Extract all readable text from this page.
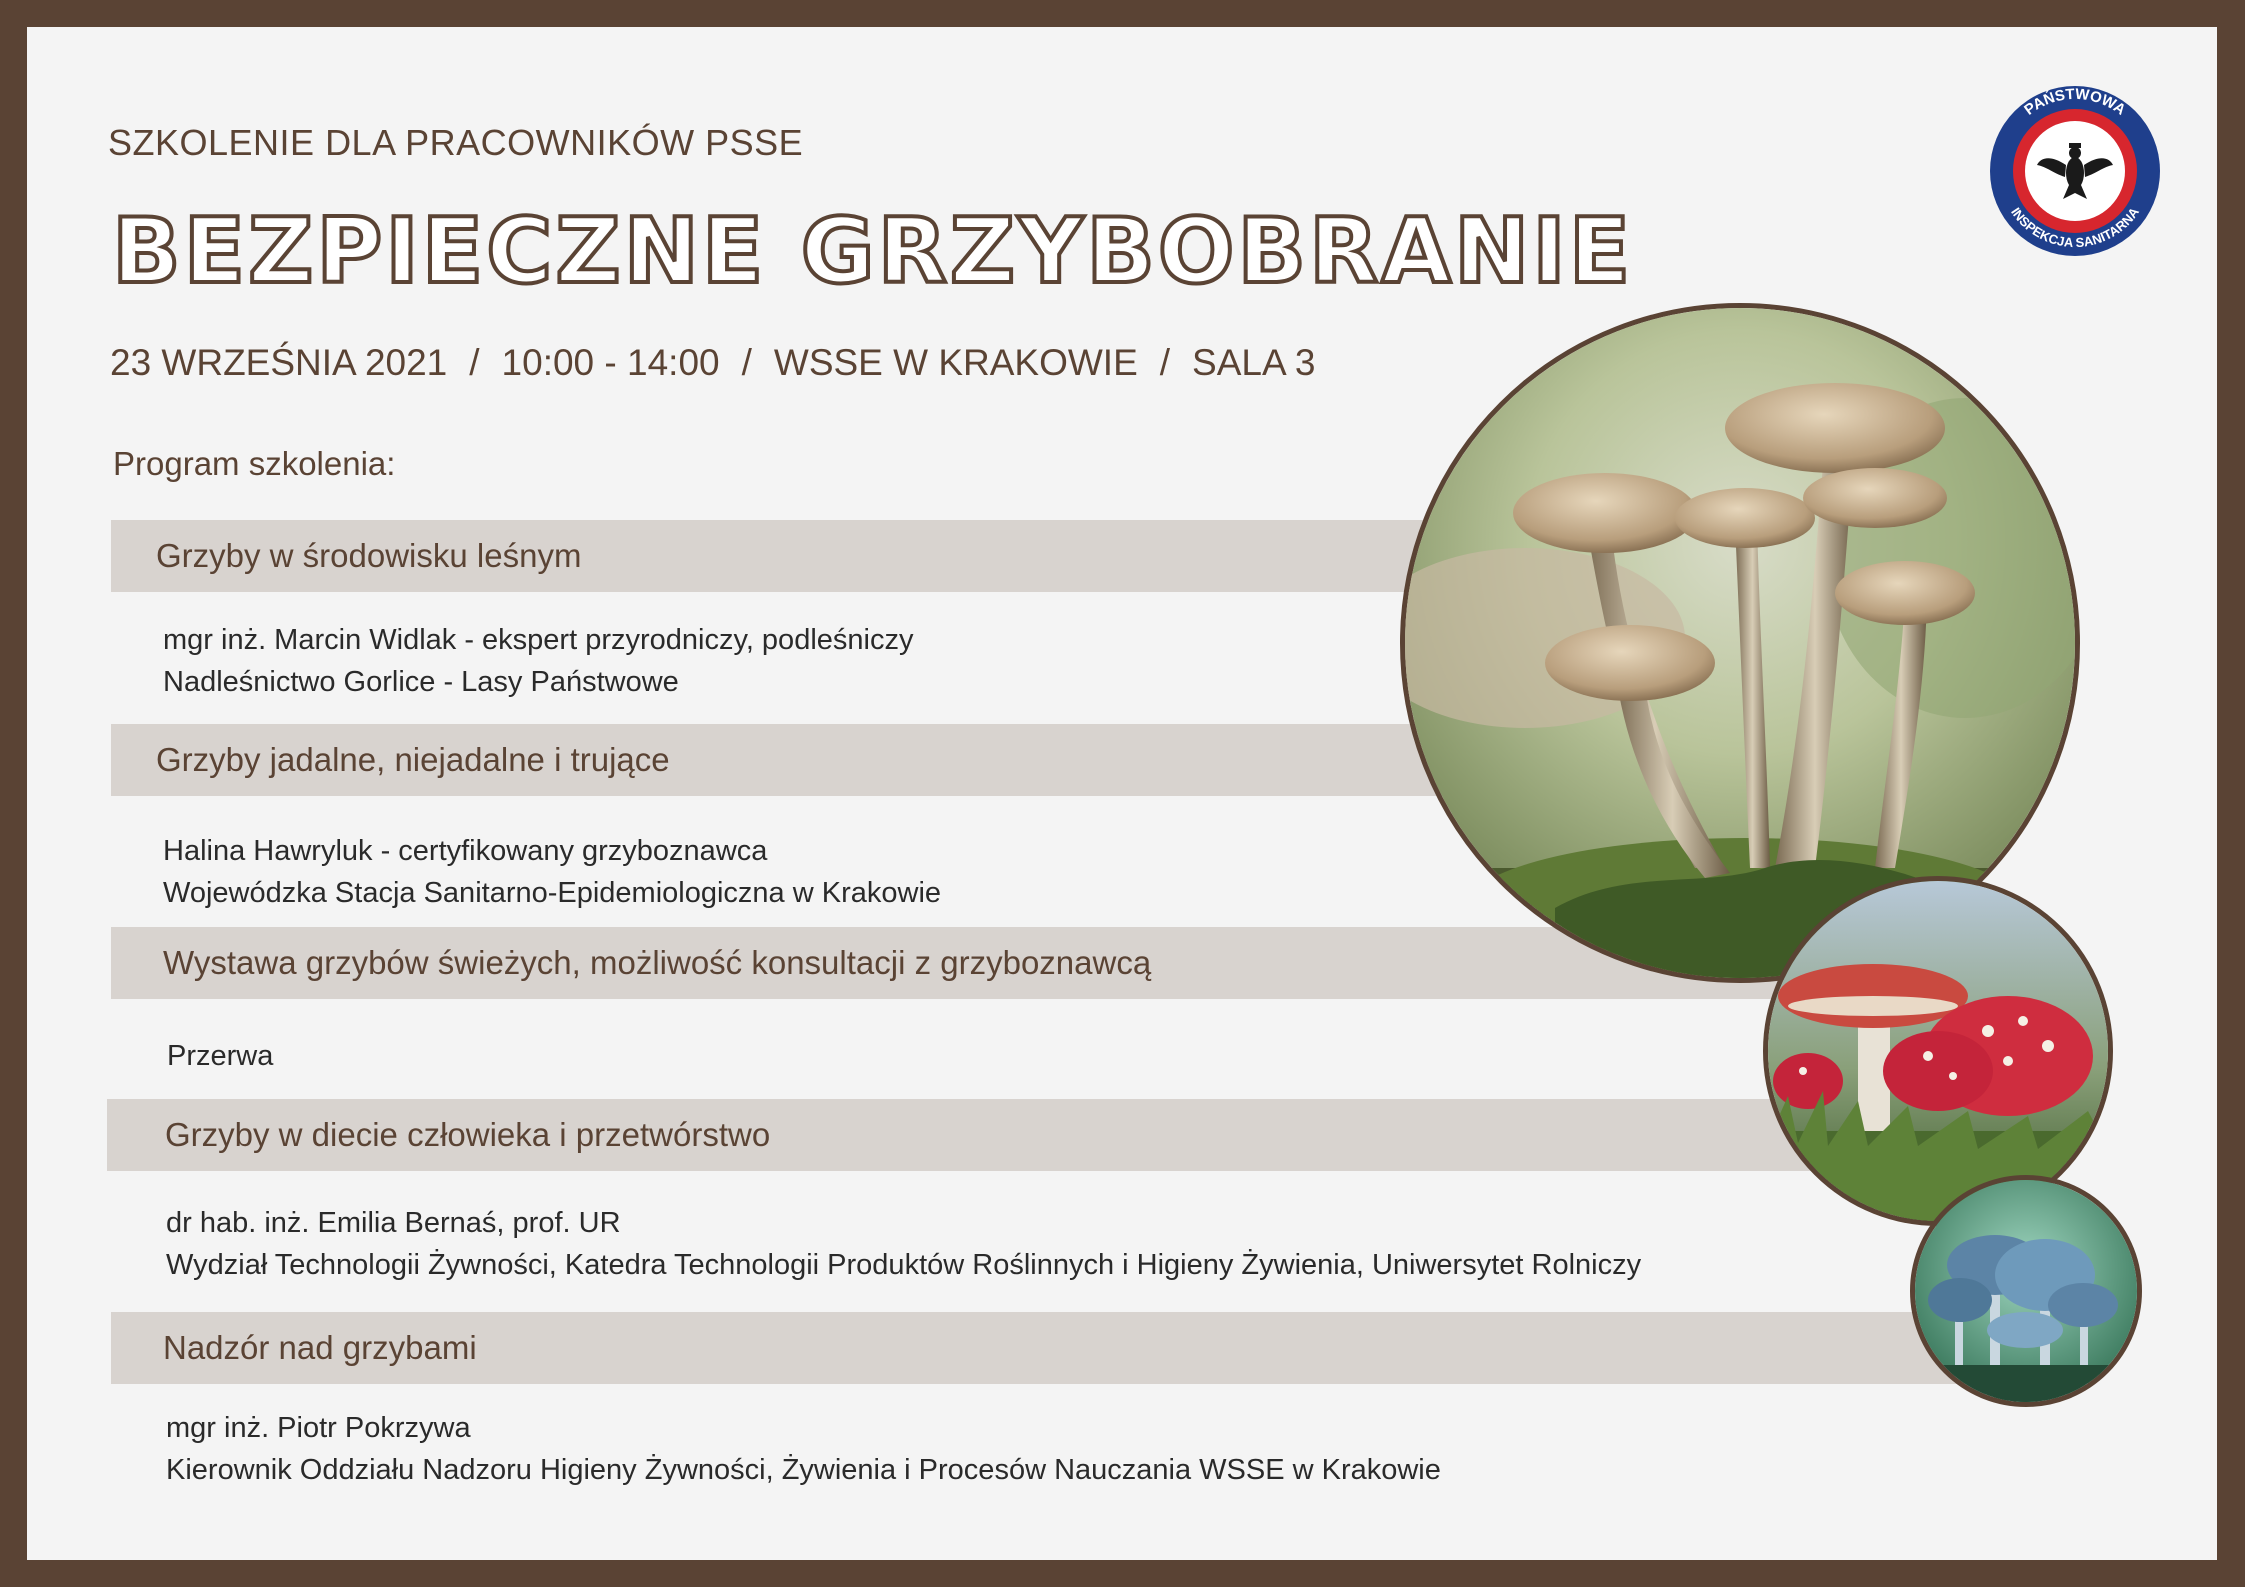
SZKOLENIE DLA PRACOWNIKÓW PSSE
BEZPIECZNE GRZYBOBRANIE
23 WRZEŚNIA 2021 / 10:00 - 14:00 / WSSE W KRAKOWIE / SALA 3
Program szkolenia:
Grzyby w środowisku leśnym
mgr inż. Marcin Widlak - ekspert przyrodniczy, podleśniczy
Nadleśnictwo Gorlice - Lasy Państwowe
Grzyby jadalne, niejadalne i trujące
Halina Hawryluk - certyfikowany grzyboznawca
Wojewódzka Stacja Sanitarno-Epidemiologiczna w Krakowie
Wystawa grzybów świeżych, możliwość konsultacji z grzyboznawcą
Przerwa
Grzyby w diecie człowieka i przetwórstwo
dr hab. inż. Emilia Bernaś, prof. UR
Wydział Technologii Żywności, Katedra Technologii Produktów Roślinnych i Higieny Żywienia, Uniwersytet Rolniczy
Nadzór nad grzybami
mgr inż. Piotr Pokrzywa
Kierownik Oddziału Nadzoru Higieny Żywności, Żywienia i Procesów Nauczania WSSE w Krakowie
PAŃSTWOWA
INSPEKCJA SANITARNA
